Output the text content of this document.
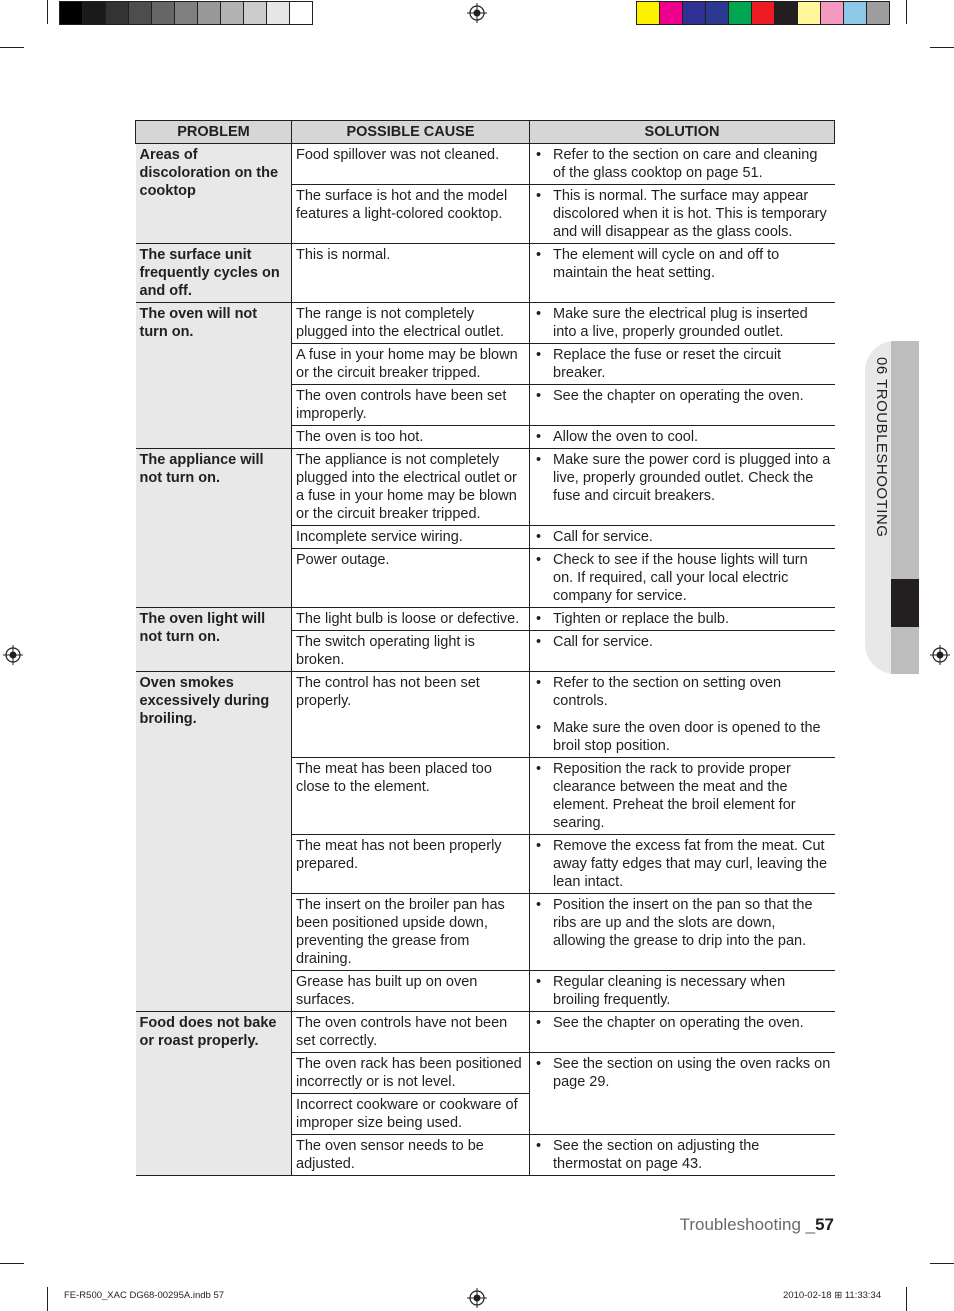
06 TROUBLESHOOTING
PROBLEM	POSSIBLE CAUSE	SOLUTION
Areas of discoloration on the cooktop	Food spillover was not cleaned.	• Refer to the section on care and cleaning of the glass cooktop on page 51.

	The surface is hot and the model features a light-colored cooktop.	• This is normal. The surface may appear discolored when it is hot. This is temporary and will disappear as the glass cools.

The surface unit frequently cycles on and off.	This is normal.	• The element will cycle on and off to maintain the heat setting.

The oven will not turn on.	The range is not completely plugged into the electrical outlet.	• Make sure the electrical plug is inserted into a live, properly grounded outlet.

	A fuse in your home may be blown or the circuit breaker tripped.	• Replace the fuse or reset the circuit breaker.

	The oven controls have been set improperly.	• See the chapter on operating the oven.

	The oven is too hot.	• Allow the oven to cool.

The appliance will not turn on.	The appliance is not completely plugged into the electrical outlet or a fuse in your home may be blown or the circuit breaker tripped.	• Make sure the power cord is plugged into a live, properly grounded outlet. Check the fuse and circuit breakers.

	Incomplete service wiring.	• Call for service.

	Power outage.	• Check to see if the house lights will turn on. If required, call your local electric company for service.

The oven light will not turn on.	The light bulb is loose or defective.	• Tighten or replace the bulb.

	The switch operating light is broken.	• Call for service.

Oven smokes excessively during broiling.	The control has not been set properly.	• Refer to the section on setting oven controls.
• Make sure the oven door is opened to the broil stop position.

	The meat has been placed too close to the element.	• Reposition the rack to provide proper clearance between the meat and the element. Preheat the broil element for searing.

	The meat has not been properly prepared.	• Remove the excess fat from the meat. Cut away fatty edges that may curl, leaving the lean intact.

	The insert on the broiler pan has been positioned upside down, preventing the grease from draining.	• Position the insert on the pan so that the ribs are up and the slots are down, allowing the grease to drip into the pan.

	Grease has built up on oven surfaces.	• Regular cleaning is necessary when broiling frequently.

Food does not bake or roast properly.	The oven controls have not been set correctly.	• See the chapter on operating the oven.

	The oven rack has been positioned incorrectly or is not level.	• See the section on using the oven racks on page 29.

	Incorrect cookware or cookware of improper size being used.	
	The oven sensor needs to be adjusted.	• See the section on adjusting the thermostat on page 43.
Troubleshooting _57
FE-R500_XAC DG68-00295A.indb 57	2010-02-18 ⊞ 11:33:34
